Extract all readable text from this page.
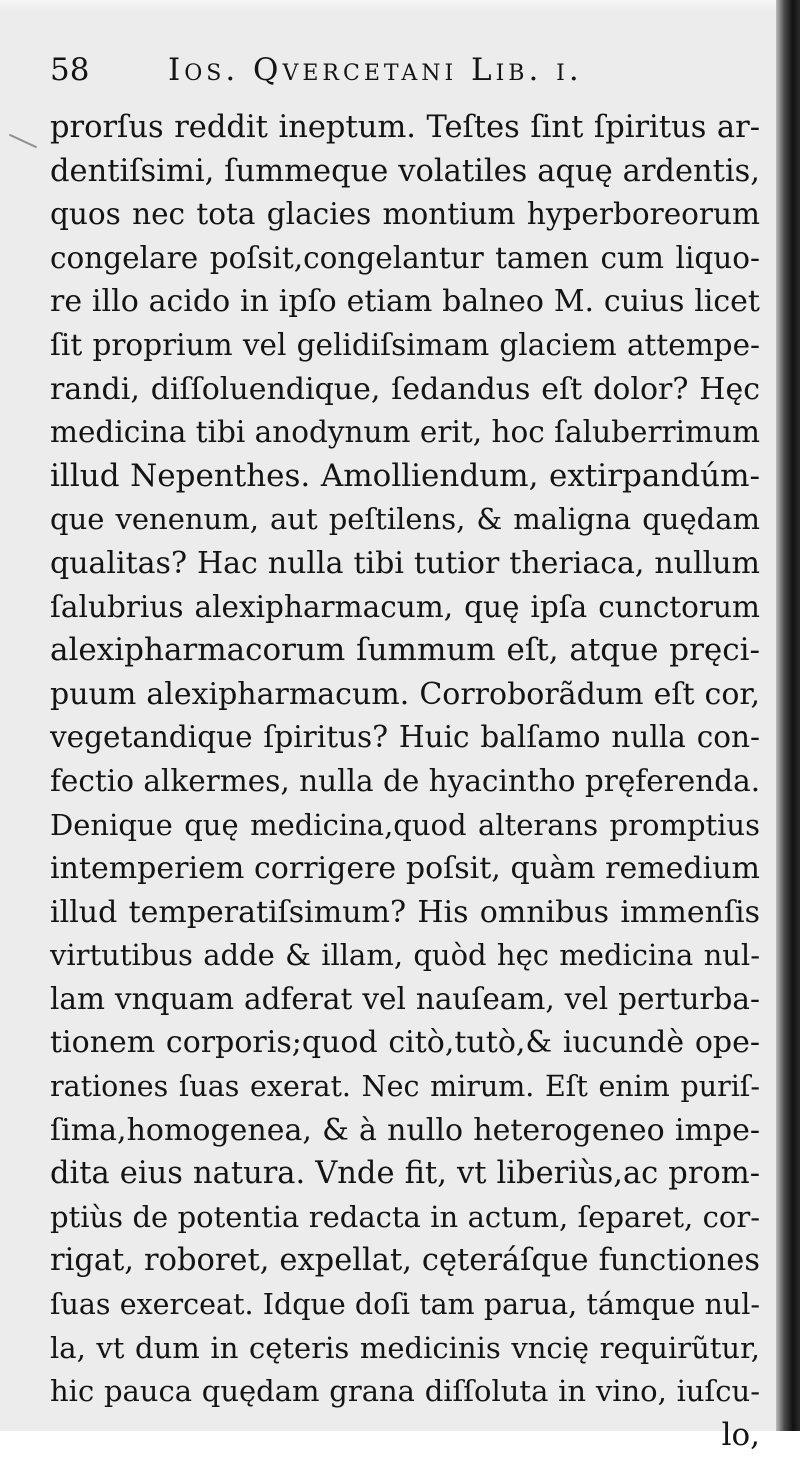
58	Ios. Qvercetani Lib. i.
prorſus reddit ineptum. Teſtes ſint ſpiritus ar-
dentiſsimi, ſummeque volatiles aquę ardentis,
quos nec tota glacies montium hyperboreorum
congelare poſsit,congelantur tamen cum liquo-
re illo acido in ipſo etiam balneo M. cuius licet
ſit proprium vel gelidiſsimam glaciem attempe-
randi, diſſoluendique, ſedandus eſt dolor? Hęc
medicina tibi anodynum erit, hoc ſaluberrimum
illud Nepenthes. Amolliendum, extirpandúm-
que venenum, aut peſtilens, & maligna quędam
qualitas? Hac nulla tibi tutior theriaca, nullum
ſalubrius alexipharmacum, quę ipſa cunctorum
alexipharmacorum ſummum eſt, atque pręci-
puum alexipharmacum. Corroborãdum eſt cor,
vegetandique ſpiritus? Huic balſamo nulla con-
fectio alkermes, nulla de hyacintho pręferenda.
Denique quę medicina,quod alterans promptius
intemperiem corrigere poſsit, quàm remedium
illud temperatiſsimum? His omnibus immenſis
virtutibus adde & illam, quòd hęc medicina nul-
lam vnquam adferat vel nauſeam, vel perturba-
tionem corporis;quod citò,tutò,& iucundè ope-
rationes ſuas exerat. Nec mirum. Eſt enim puriſ-
ſima,homogenea, & à nullo heterogeneo impe-
dita eius natura. Vnde fit, vt liberiùs,ac prom-
ptiùs de potentia redacta in actum, ſeparet, cor-
rigat, roboret, expellat, cęteráſque functiones
ſuas exerceat. Idque doſi tam parua, támque nul-
la, vt dum in cęteris medicinis vncię requirũtur,
hic pauca quędam grana diſſoluta in vino, iuſcu-
lo,
